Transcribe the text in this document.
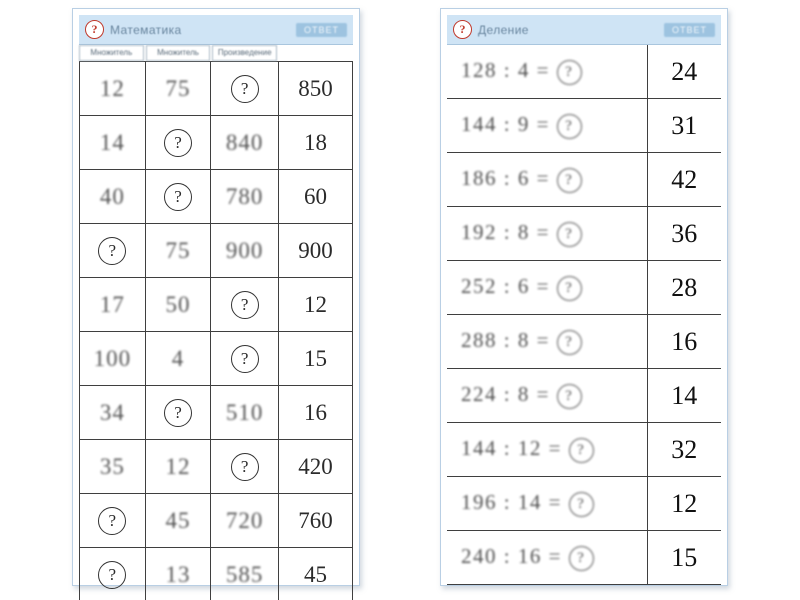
?	Математика	ОТВЕТ
Множитель	Множитель	Произведение
12	75	?	850
14	?	840	18
40	?	780	60
?	75	900	900
17	50	?	12
100	4	?	15
34	?	510	16
35	12	?	420
?	45	720	760
?	13	585	45
?	Деление	ОТВЕТ
128 : 4 = ?	24
144 : 9 = ?	31
186 : 6 = ?	42
192 : 8 = ?	36
252 : 6 = ?	28
288 : 8 = ?	16
224 : 8 = ?	14
144 : 12 = ?	32
196 : 14 = ?	12
240 : 16 = ?	15
